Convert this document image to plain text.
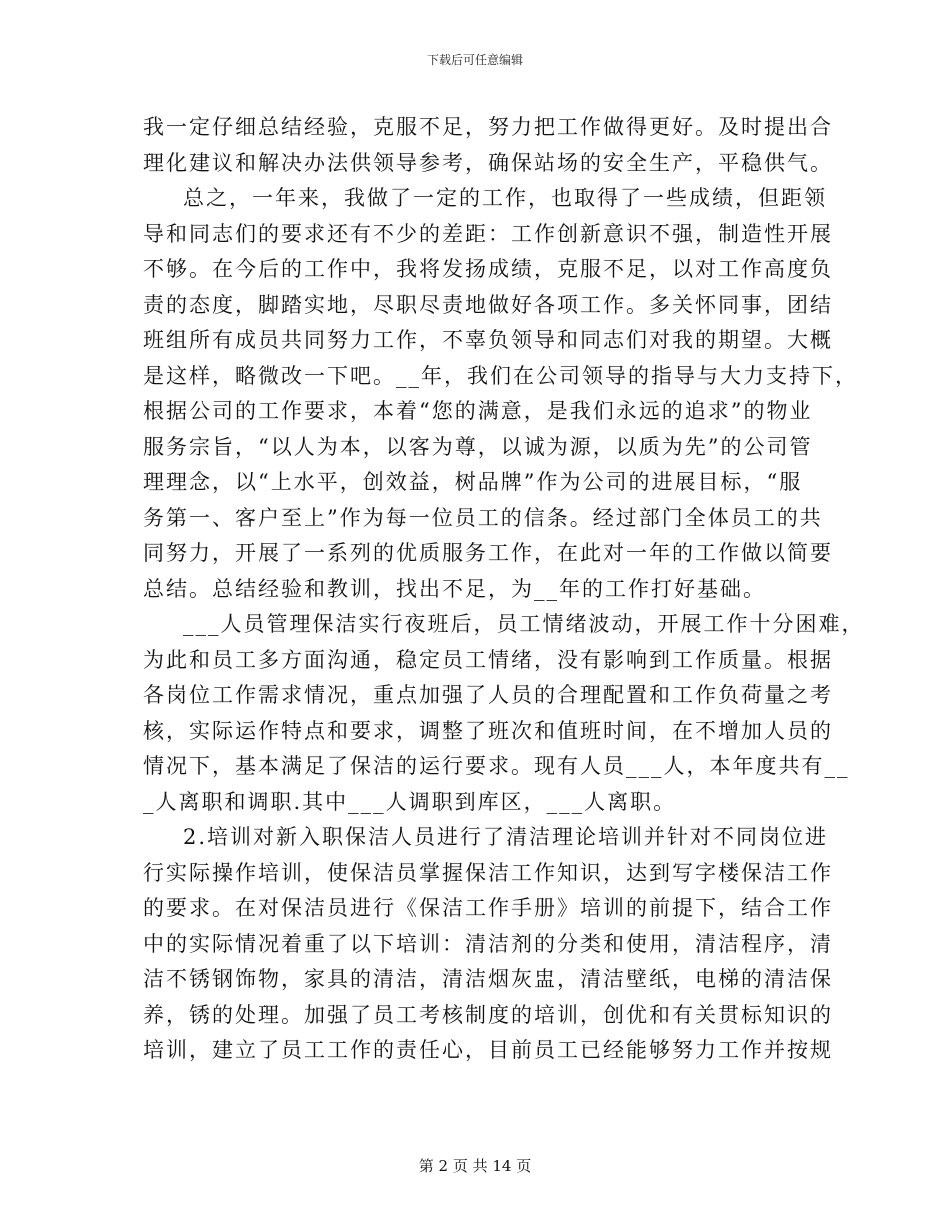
下载后可任意编辑

我一定仔细总结经验，克服不足，努力把工作做得更好。及时提出合
理化建议和解决办法供领导参考，确保站场的安全生产，平稳供气。

总之，一年来，我做了一定的工作，也取得了一些成绩，但距领
导和同志们的要求还有不少的差距：工作创新意识不强，制造性开展
不够。在今后的工作中，我将发扬成绩，克服不足，以对工作高度负
责的态度，脚踏实地，尽职尽责地做好各项工作。多关怀同事，团结
班组所有成员共同努力工作，不辜负领导和同志们对我的期望。大概
是这样，略微改一下吧。__年，我们在公司领导的指导与大力支持下，
根据公司的工作要求，本着“您的满意，是我们永远的追求”的物业
服务宗旨，“以人为本，以客为尊，以诚为源，以质为先”的公司管
理理念，以“上水平，创效益，树品牌”作为公司的进展目标，“服
务第一、客户至上”作为每一位员工的信条。经过部门全体员工的共
同努力，开展了一系列的优质服务工作，在此对一年的工作做以简要
总结。总结经验和教训，找出不足，为__年的工作打好基础。

___人员管理保洁实行夜班后，员工情绪波动，开展工作十分困难，
为此和员工多方面沟通，稳定员工情绪，没有影响到工作质量。根据
各岗位工作需求情况，重点加强了人员的合理配置和工作负荷量之考
核，实际运作特点和要求，调整了班次和值班时间，在不增加人员的
情况下，基本满足了保洁的运行要求。现有人员___人，本年度共有__
_人离职和调职.其中___人调职到库区，___人离职。

2.培训对新入职保洁人员进行了清洁理论培训并针对不同岗位进
行实际操作培训，使保洁员掌握保洁工作知识，达到写字楼保洁工作
的要求。在对保洁员进行《保洁工作手册》培训的前提下，结合工作
中的实际情况着重了以下培训：清洁剂的分类和使用，清洁程序，清
洁不锈钢饰物，家具的清洁，清洁烟灰盅，清洁壁纸，电梯的清洁保
养，锈的处理。加强了员工考核制度的培训，创优和有关贯标知识的
培训，建立了员工工作的责任心，目前员工已经能够努力工作并按规

第 2 页 共 14 页
